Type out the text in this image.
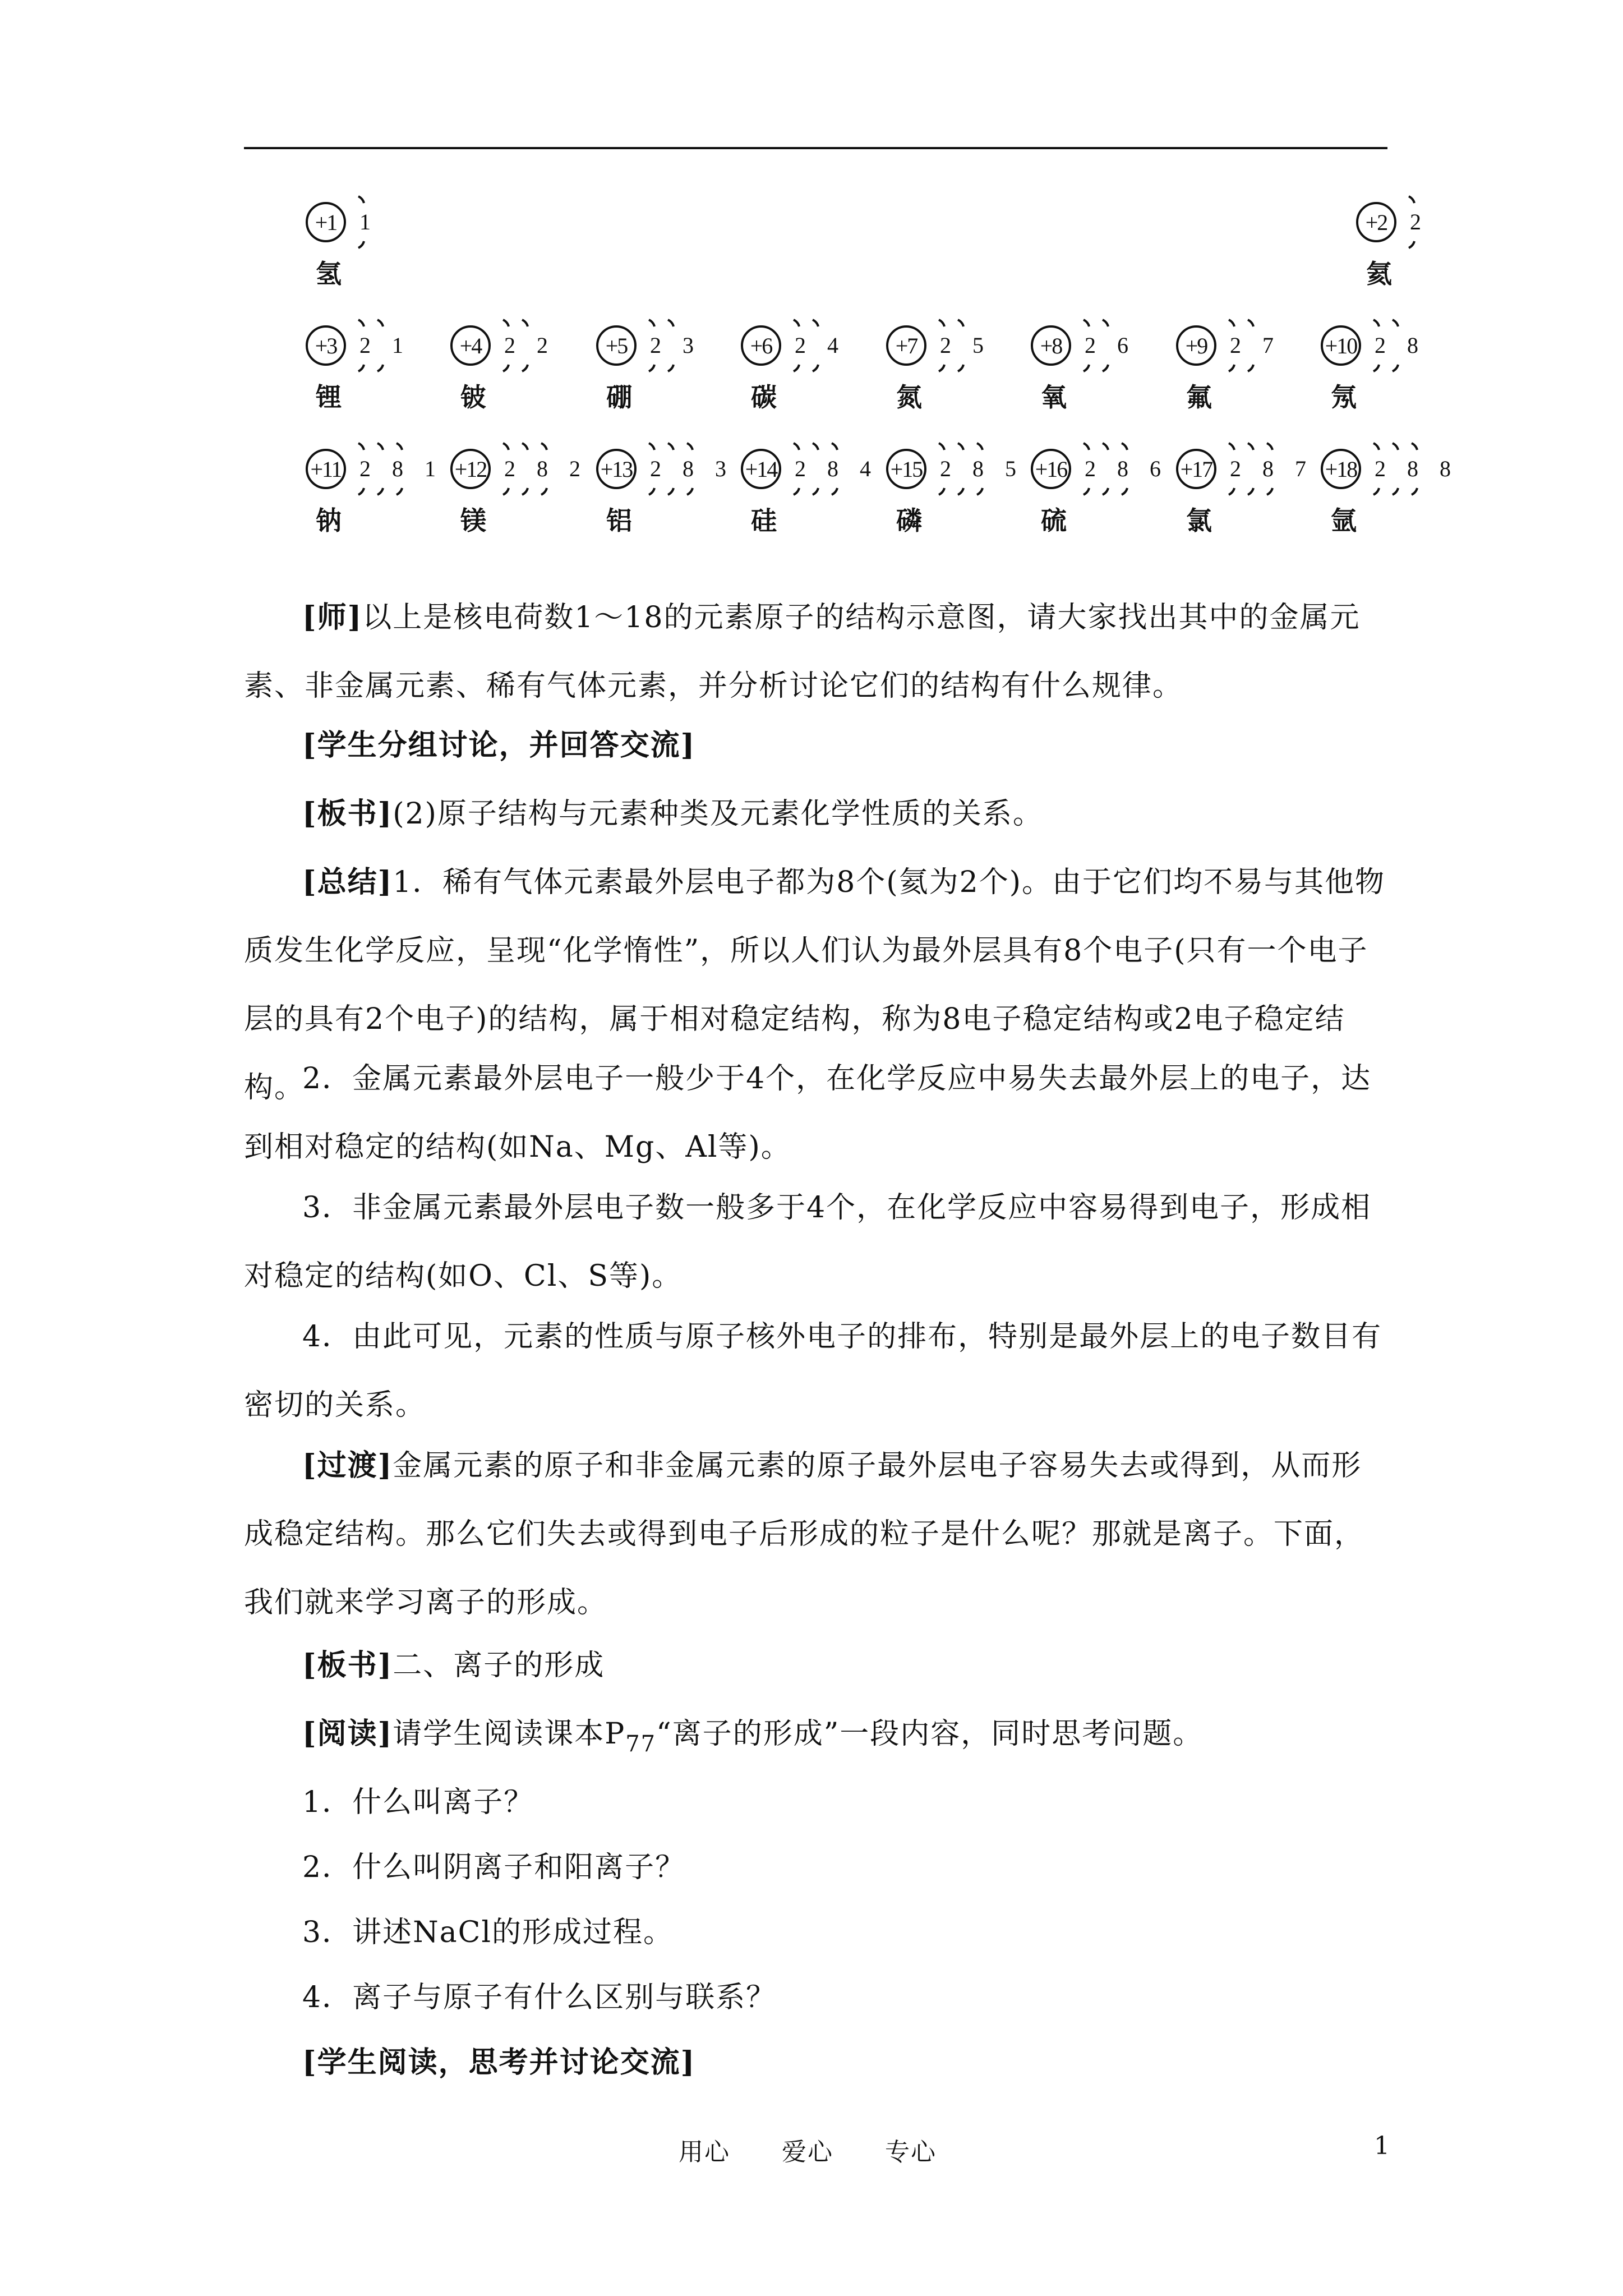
+1	1
氢
+2	2
氦
+3	2 1
锂
+4	2 2
铍
+5	2 3
硼
+6	2 4
碳
+7	2 5
氮
+8	2 6
氧
+9	2 7
氟
+10 2 8
氖
+11 2 8 1
钠
+12 2 8 2
镁
+13 2 8 3
铝
+14 2 8 4
硅
+15 2 8 5
磷
+16 2 8 6
硫
+17 2 8 7
氯
+18 2 8 8
氩
[师]以上是核电荷数1～18的元素原子的结构示意图，请大家找出其中的金属元素、非金属元素、稀有气体元素，并分析讨论它们的结构有什么规律。
[学生分组讨论，并回答交流]
[板书](2)原子结构与元素种类及元素化学性质的关系。
[总结]1．稀有气体元素最外层电子都为8个(氦为2个)。由于它们均不易与其他物质发生化学反应，呈现“化学惰性”，所以人们认为最外层具有8个电子(只有一个电子层的具有2个电子)的结构，属于相对稳定结构，称为8电子稳定结构或2电子稳定结构。
2．金属元素最外层电子一般少于4个，在化学反应中易失去最外层上的电子，达到相对稳定的结构(如Na、Mg、Al等)。
3．非金属元素最外层电子数一般多于4个，在化学反应中容易得到电子，形成相对稳定的结构(如O、Cl、S等)。
4．由此可见，元素的性质与原子核外电子的排布，特别是最外层上的电子数目有密切的关系。
[过渡]金属元素的原子和非金属元素的原子最外层电子容易失去或得到，从而形成稳定结构。那么它们失去或得到电子后形成的粒子是什么呢？那就是离子。下面，我们就来学习离子的形成。
[板书]二、离子的形成
[阅读]请学生阅读课本$P_{77}“$离子的形成”一段内容，同时思考问题。
1．什么叫离子？
2．什么叫阴离子和阳离子？
3．讲述NaCl的形成过程。
4．离子与原子有什么区别与联系？
[学生阅读，思考并讨论交流]
用心　　爱心　　专心	1
